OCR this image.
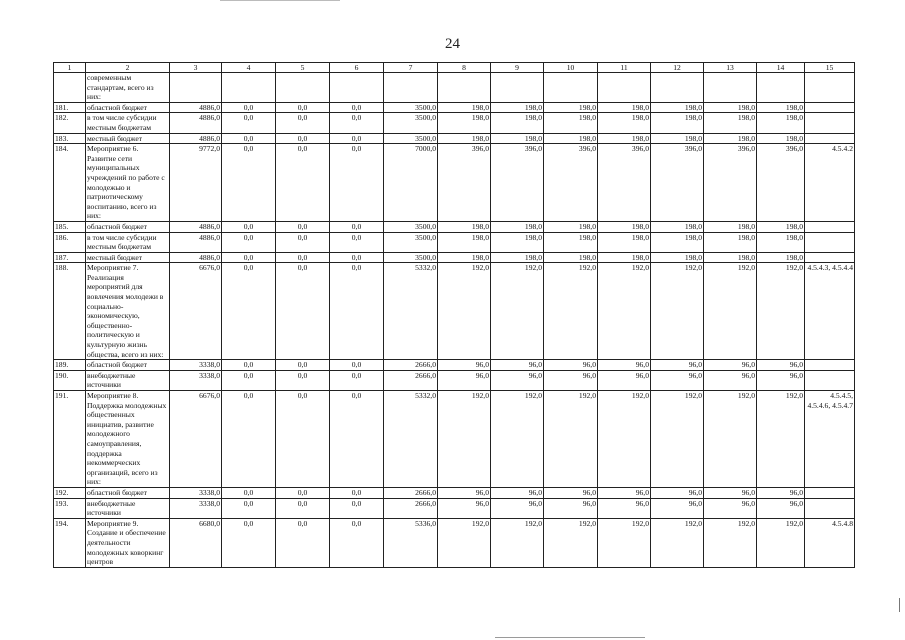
24
1	2	3	4	5	6	7	8	9	10	11	12	13	14	15
	современным стандартам, всего из них:													
181.	областной бюджет	4886,0	0,0	0,0	0,0	3500,0	198,0	198,0	198,0	198,0	198,0	198,0	198,0	
182.	в том числе субсидии местным бюджетам	4886,0	0,0	0,0	0,0	3500,0	198,0	198,0	198,0	198,0	198,0	198,0	198,0	
183.	местный бюджет	4886,0	0,0	0,0	0,0	3500,0	198,0	198,0	198,0	198,0	198,0	198,0	198,0	
184.	Мероприятие 6. Развитие сети муниципальных учреждений по работе с молодежью и патриотическому воспитанию, всего из них:	9772,0	0,0	0,0	0,0	7000,0	396,0	396,0	396,0	396,0	396,0	396,0	396,0	4.5.4.2
185.	областной бюджет	4886,0	0,0	0,0	0,0	3500,0	198,0	198,0	198,0	198,0	198,0	198,0	198,0	
186.	в том числе субсидии местным бюджетам	4886,0	0,0	0,0	0,0	3500,0	198,0	198,0	198,0	198,0	198,0	198,0	198,0	
187.	местный бюджет	4886,0	0,0	0,0	0,0	3500,0	198,0	198,0	198,0	198,0	198,0	198,0	198,0	
188.	Мероприятие 7. Реализация мероприятий для вовлечения молодежи в социально-экономическую, общественно-политическую и культурную жизнь общества, всего из них:	6676,0	0,0	0,0	0,0	5332,0	192,0	192,0	192,0	192,0	192,0	192,0	192,0	4.5.4.3, 4.5.4.4
189.	областной бюджет	3338,0	0,0	0,0	0,0	2666,0	96,0	96,0	96,0	96,0	96,0	96,0	96,0	
190.	внебюджетные источники	3338,0	0,0	0,0	0,0	2666,0	96,0	96,0	96,0	96,0	96,0	96,0	96,0	
191.	Мероприятие 8. Поддержка молодежных общественных инициатив, развитие молодежного самоуправления, поддержка некоммерческих организаций, всего из них:	6676,0	0,0	0,0	0,0	5332,0	192,0	192,0	192,0	192,0	192,0	192,0	192,0	4.5.4.5, 4.5.4.6, 4.5.4.7
192.	областной бюджет	3338,0	0,0	0,0	0,0	2666,0	96,0	96,0	96,0	96,0	96,0	96,0	96,0	
193.	внебюджетные источники	3338,0	0,0	0,0	0,0	2666,0	96,0	96,0	96,0	96,0	96,0	96,0	96,0	
194.	Мероприятие 9. Создание и обеспечение деятельности молодежных коворкинг центров	6680,0	0,0	0,0	0,0	5336,0	192,0	192,0	192,0	192,0	192,0	192,0	192,0	4.5.4.8
